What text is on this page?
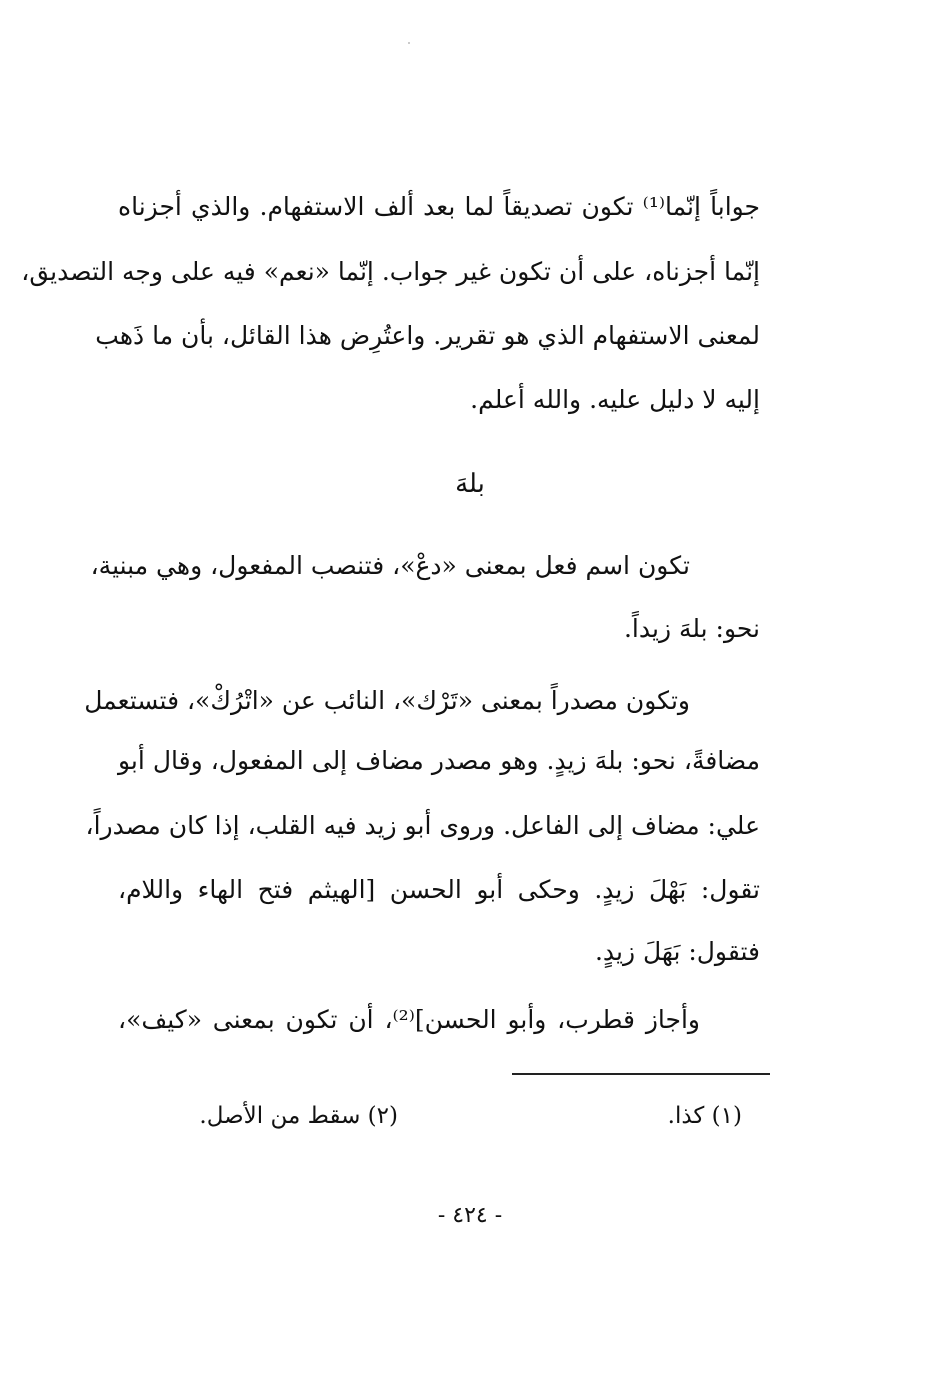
جواباً إنّما⁽¹⁾ تكون تصديقاً لما بعد ألف الاستفهام. والذي أجزناه
إنّما أجزناه، على أن تكون غير جواب. إنّما «نعم» فيه على وجه التصديق،
لمعنى الاستفهام الذي هو تقرير. واعتُرِض هذا القائل، بأن ما ذَهب
إليه لا دليل عليه. والله أعلم.
بلهَ
تكون اسم فعل بمعنى «دعْ»، فتنصب المفعول، وهي مبنية،
نحو: بلهَ زيداً.
وتكون مصدراً بمعنى «تَرْك»، النائب عن «اتْرُكْ»، فتستعمل
مضافةً، نحو: بلهَ زيدٍ. وهو مصدر مضاف إلى المفعول، وقال أبو
علي: مضاف إلى الفاعل. وروى أبو زيد فيه القلب، إذا كان مصدراً،
تقول: بَهْلَ زيدٍ. وحكى أبو الحسن [الهيثم فتح الهاء واللام،
فتقول: بَهَلَ زيدٍ.
وأجاز قطرب، وأبو الحسن]⁽²⁾، أن تكون بمعنى «كيف»،
(١) كذا.
(٢) سقط من الأصل.
- ٤٢٤ -
